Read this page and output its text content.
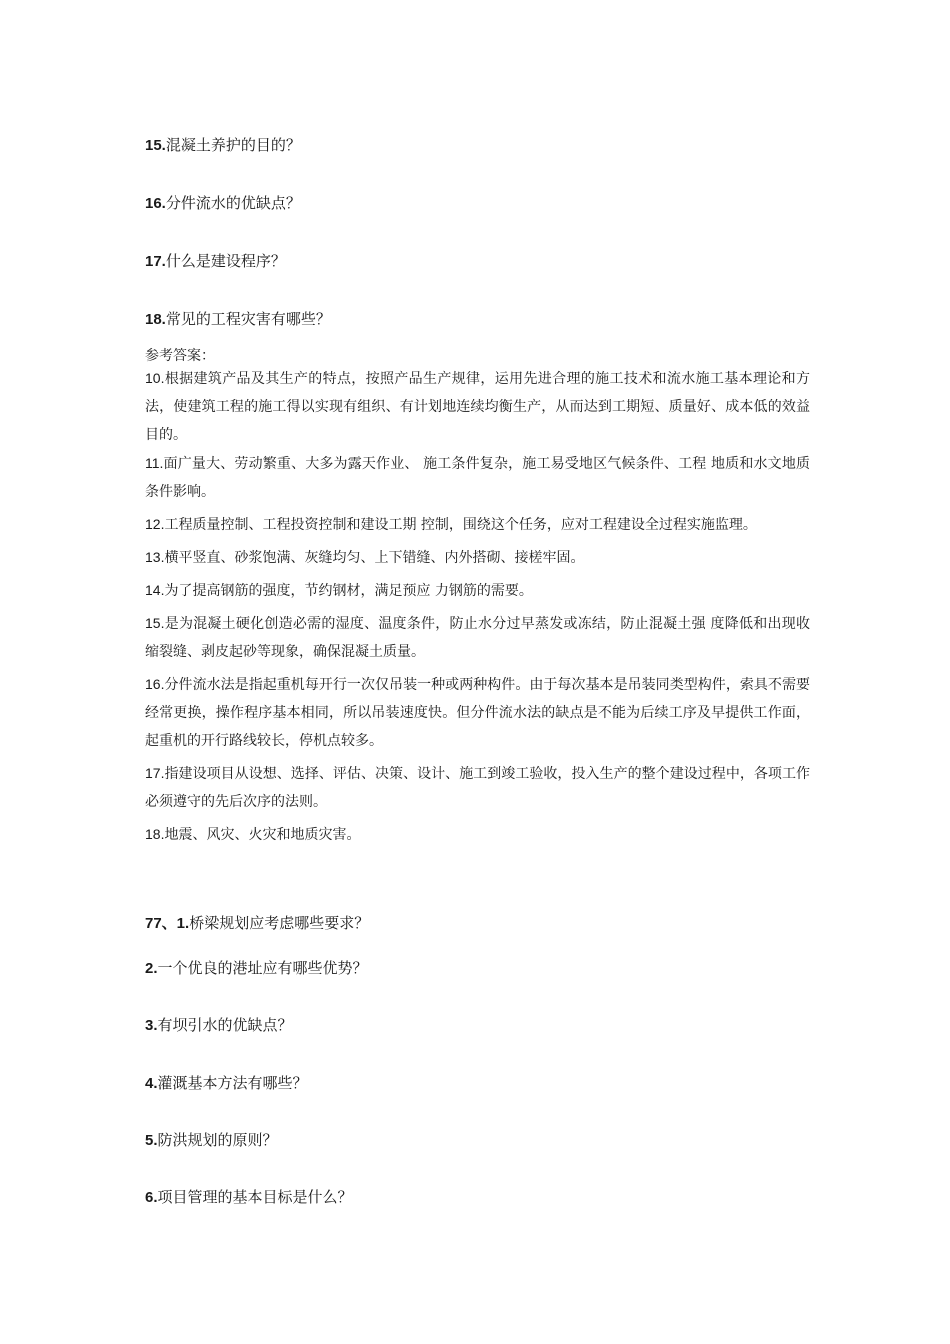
15.混凝土养护的目的？
16.分件流水的优缺点？
17.什么是建设程序？
18.常见的工程灾害有哪些？

参考答案：

10.根据建筑产品及其生产的特点，按照产品生产规律，运用先进合理的施工技术和流水施工基本理论和方法，使建筑工程的施工得以实现有组织、有计划地连续均衡生产，从而达到工期短、质量好、成本低的效益目的。

11.面广量大、劳动繁重、大多为露天作业、 施工条件复杂，施工易受地区气候条件、工程 地质和水文地质条件影响。

12.工程质量控制、工程投资控制和建设工期 控制，围绕这个任务，应对工程建设全过程实施监理。

13.横平竖直、砂浆饱满、灰缝均匀、上下错缝、内外搭砌、接槎牢固。

14.为了提高钢筋的强度，节约钢材，满足预应 力钢筋的需要。

15.是为混凝土硬化创造必需的湿度、温度条件，防止水分过早蒸发或冻结，防止混凝土强 度降低和出现收缩裂缝、剥皮起砂等现象，确保混凝土质量。

16.分件流水法是指起重机每开行一次仅吊装一种或两种构件。由于每次基本是吊装同类型构件，索具不需要经常更换，操作程序基本相同，所以吊装速度快。但分件流水法的缺点是不能为后续工序及早提供工作面，起重机的开行路线较长，停机点较多。

17.指建设项目从设想、选择、评估、决策、设计、施工到竣工验收，投入生产的整个建设过程中，各项工作必须遵守的先后次序的法则。

18.地震、风灾、火灾和地质灾害。

77、1.桥梁规划应考虑哪些要求？
2.一个优良的港址应有哪些优势？
3.有坝引水的优缺点？
4.灌溉基本方法有哪些？
5.防洪规划的原则？
6.项目管理的基本目标是什么？
